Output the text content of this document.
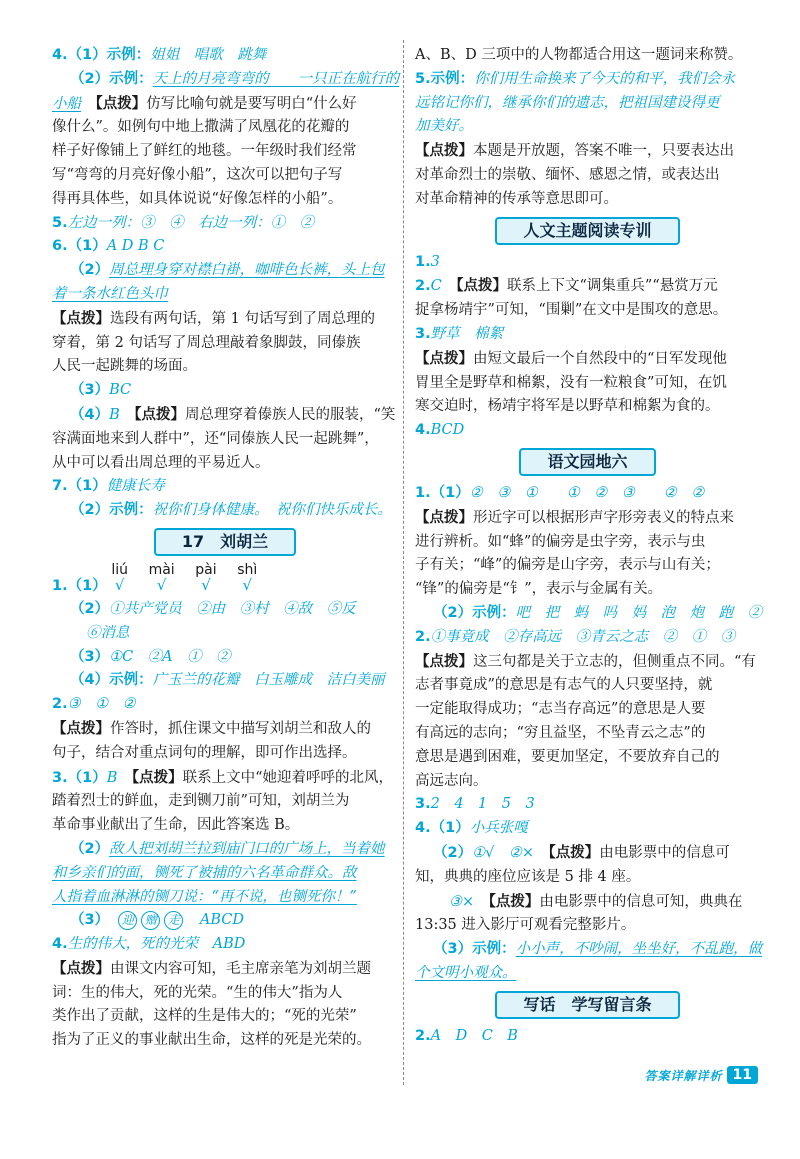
4.（1）示例：姐姐　唱歌　跳舞

（2）示例：天上的月亮弯弯的　　一只正在航行的

小船　 【点拨】仿写比喻句就是要写明白“什么好

像什么”。如例句中地上撒满了凤凰花的花瓣的

样子好像铺上了鲜红的地毯。一年级时我们经常

写“弯弯的月亮好像小船”，这次可以把句子写

得再具体些，如具体说说“好像怎样的小船”。

5.左边一列：③　④　右边一列：①　②

6.（1）A D B C

（2）周总理身穿对襟白褂，咖啡色长裤，头上包

着一条水红色头巾

【点拨】选段有两句话，第 1 句话写到了周总理的

穿着，第 2 句话写了周总理敲着象脚鼓，同傣族

人民一起跳舞的场面。

（3）BC

（4）B　 【点拨】周总理穿着傣族人民的服装，“笑

容满面地来到人群中”，还“同傣族人民一起跳舞”，

从中可以看出周总理的平易近人。

7.（1）健康长寿

（2）示例：祝你们身体健康。　祝你们快乐成长。

17　刘胡兰

1.（1）
liú
√

mài
√

pài
√

shì
√

（2）①共产党员　②由　③村　④敌　⑤反

⑥消息

（3）①C　②A　①　②

（4）示例：广玉兰的花瓣　白玉雕成　洁白美丽

2.③　①　②

【点拨】作答时，抓住课文中描写刘胡兰和敌人的

句子，结合对重点词句的理解，即可作出选择。

3.（1）B　 【点拨】联系上文中“她迎着呼呼的北风，

踏着烈士的鲜血，走到铡刀前”可知，刘胡兰为

革命事业献出了生命，因此答案选 B。

（2）敌人把刘胡兰拉到庙门口的广场上，当着她

和乡亲们的面，铡死了被捕的六名革命群众。敌

人指着血淋淋的铡刀说：“再不说，也铡死你！”

（3）　 迎 赠 走　 ABCD

4.生的伟大，死的光荣　ABD

【点拨】由课文内容可知，毛主席亲笔为刘胡兰题

词：生的伟大，死的光荣。“生的伟大”指为人

类作出了贡献，这样的生是伟大的；“死的光荣”

指为了正义的事业献出生命，这样的死是光荣的。

A、B、D 三项中的人物都适合用这一题词来称赞。

5.示例：你们用生命换来了今天的和平，我们会永

远铭记你们，继承你们的遗志，把祖国建设得更

加美好。

【点拨】本题是开放题，答案不唯一，只要表达出

对革命烈士的崇敬、缅怀、感恩之情，或表达出

对革命精神的传承等意思即可。

人文主题阅读专训

1.3

2.C　 【点拨】联系上下文“调集重兵”“悬赏万元

捉拿杨靖宇”可知，“围剿”在文中是围攻的意思。

3.野草　棉絮

【点拨】由短文最后一个自然段中的“日军发现他

胃里全是野草和棉絮，没有一粒粮食”可知，在饥

寒交迫时，杨靖宇将军是以野草和棉絮为食的。

4.BCD

语文园地六

1.（1）②　③　①　　①　②　③　　②　②

【点拨】形近字可以根据形声字形旁表义的特点来

进行辨析。如“蜂”的偏旁是虫字旁，表示与虫

子有关；“峰”的偏旁是山字旁，表示与山有关；

“锋”的偏旁是“钅”，表示与金属有关。

（2）示例：吧　把　蚂　吗　妈　泡　炮　跑　②

2.①事竟成　②存高远　③青云之志　②　①　③

【点拨】这三句都是关于立志的，但侧重点不同。“有

志者事竟成”的意思是有志气的人只要坚持，就

一定能取得成功；“志当存高远”的意思是人要

有高远的志向；“穷且益坚，不坠青云之志”的

意思是遇到困难，要更加坚定，不要放弃自己的

高远志向。

3.2　4　1　5　3

4.（1）小兵张嘎

（2）①√　②×　 【点拨】由电影票中的信息可

知，典典的座位应该是 5 排 4 座。

③×　 【点拨】由电影票中的信息可知，典典在

13:35 进入影厅可观看完整影片。

（3）示例：小小声，不吵闹，坐坐好，不乱跑，做

个文明小观众。

写话　学写留言条

2.A　D　C　B

答案详解详析 11
